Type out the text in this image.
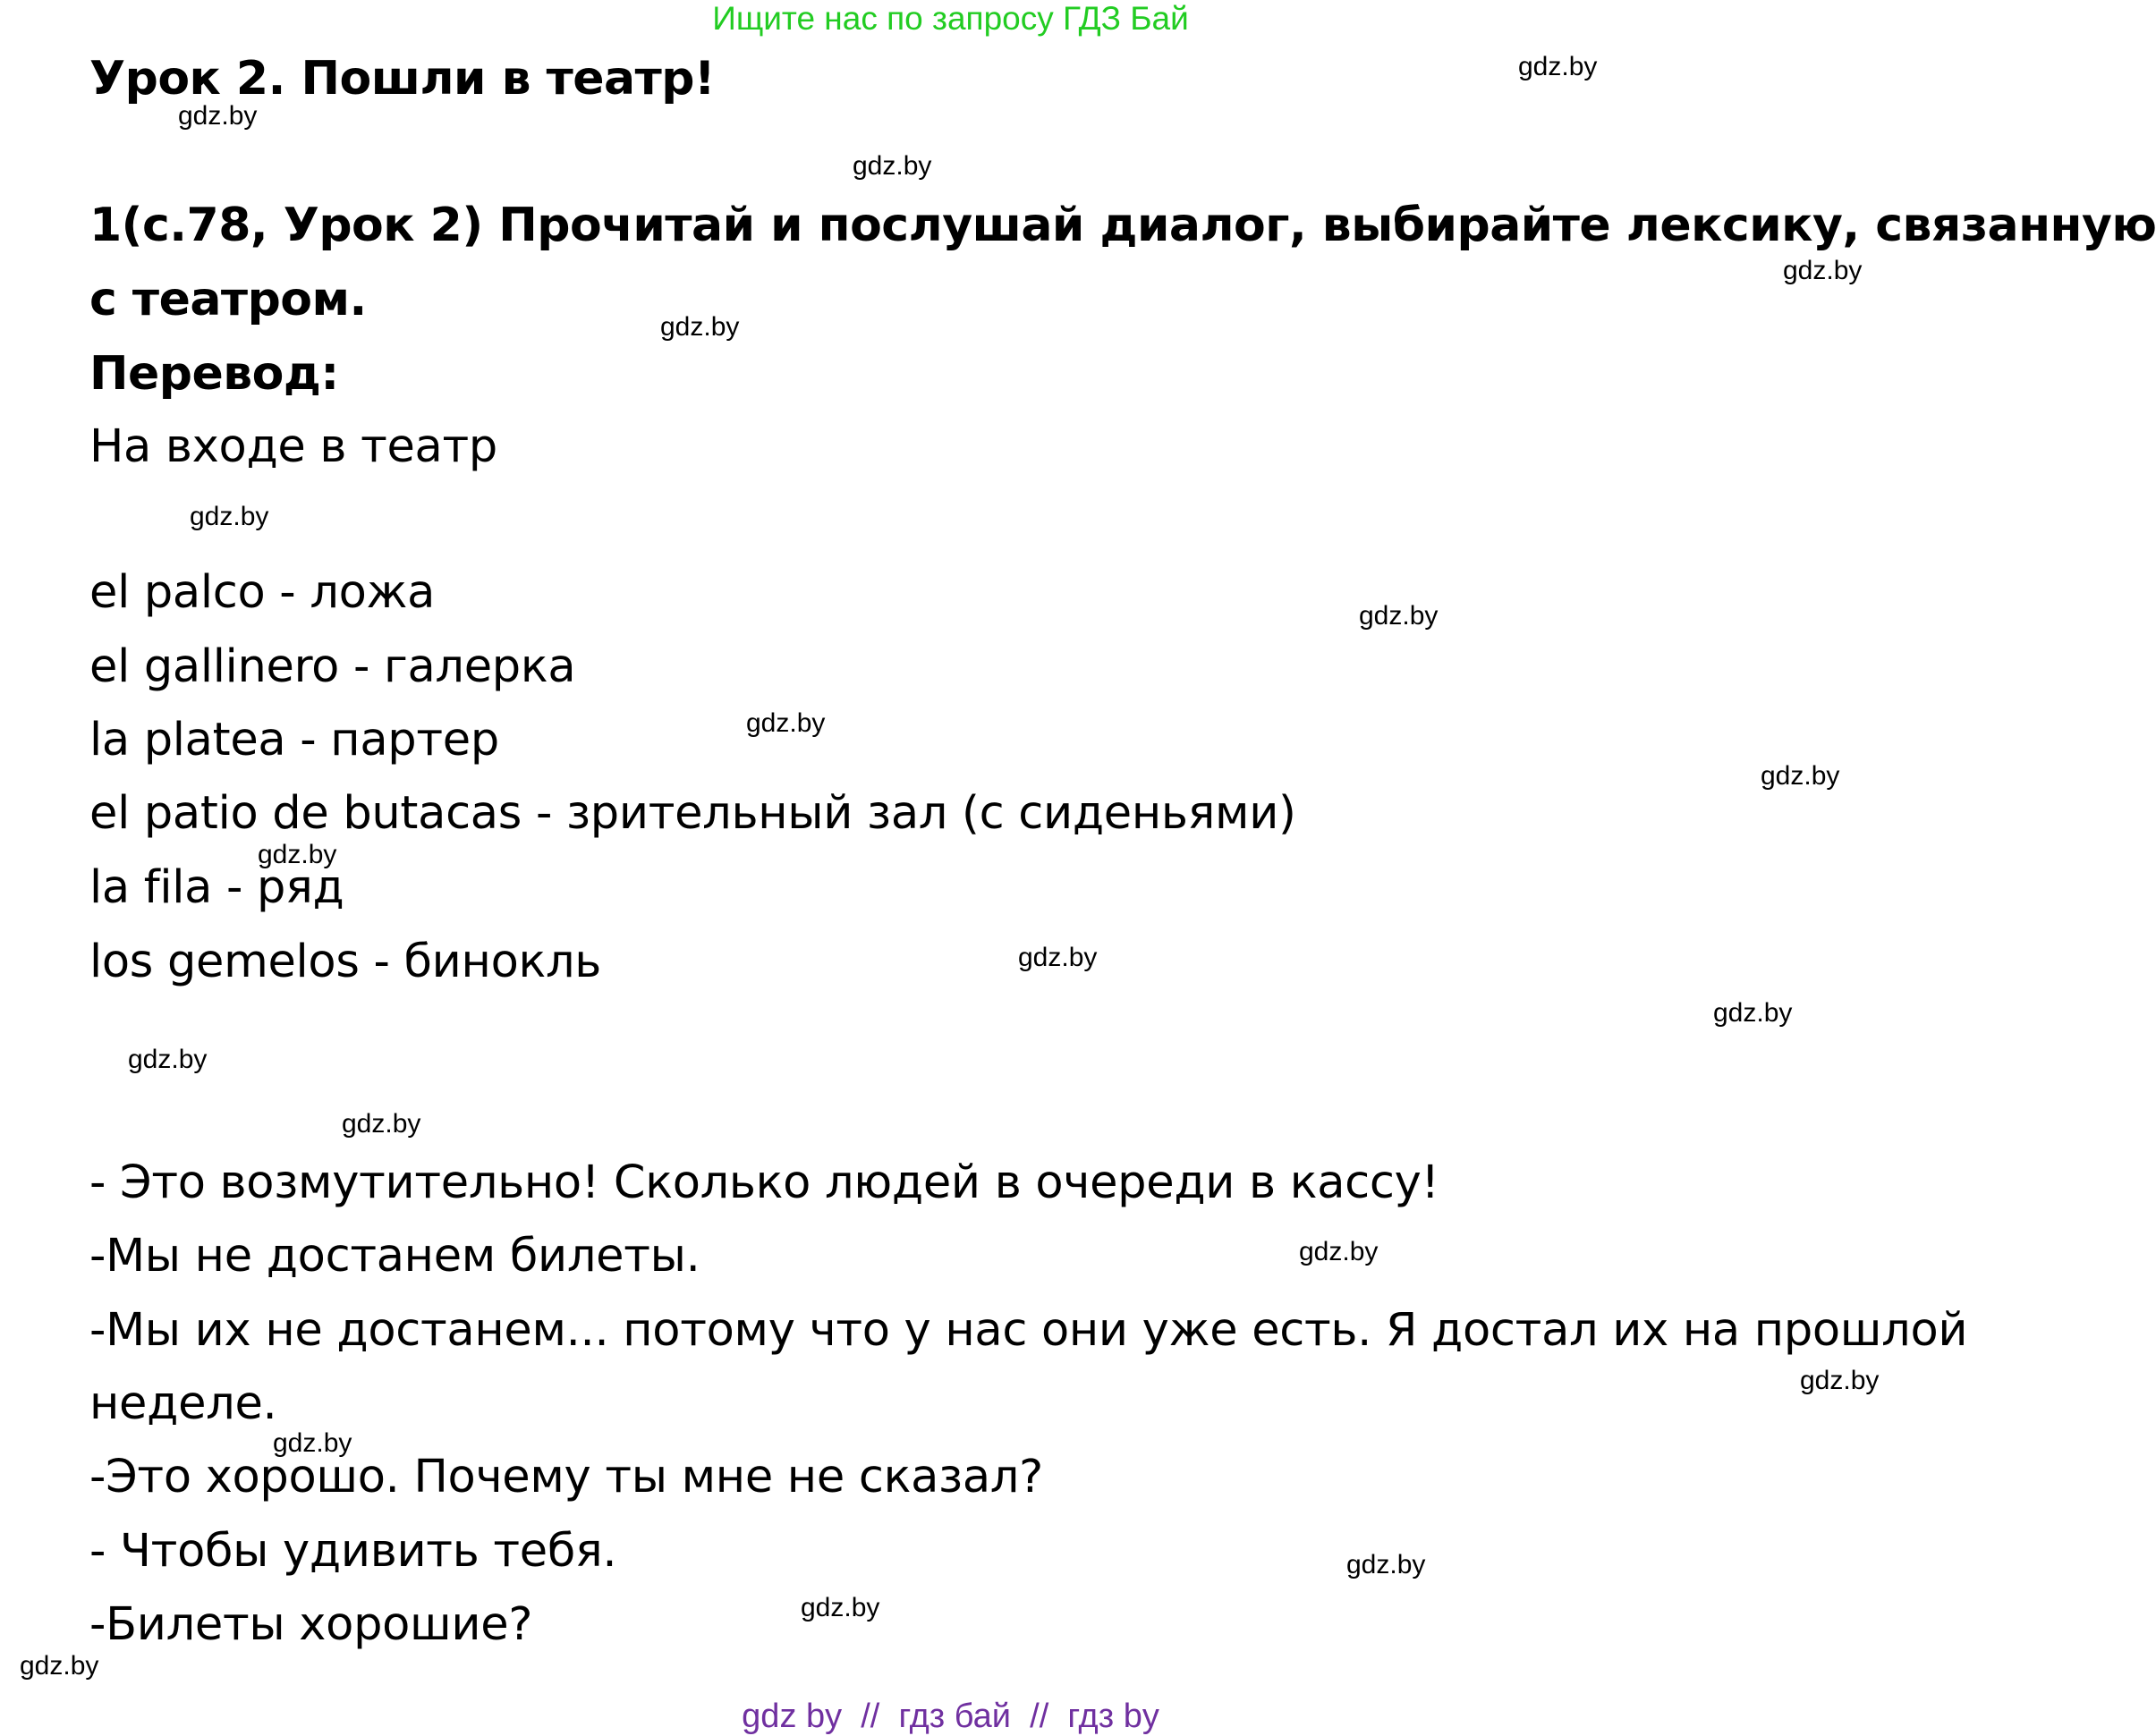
Ищите нас по запросу ГДЗ Бай
Урок 2. Пошли в театр!
1(с.78, Урок 2) Прочитай и послушай диалог, выбирайте лексику, связанную
с театром.
Перевод:
На входе в театр
el palco - ложа
el gallinero - галерка
la platea - партер
el patio de butacas - зрительный зал (с сиденьями)
la fila - ряд
los gemelos - бинокль
- Это возмутительно! Сколько людей в очереди в кассу!
-Мы не достанем билеты.
-Мы их не достанем... потому что у нас они уже есть. Я достал их на прошлой
неделе.
-Это хорошо. Почему ты мне не сказал?
- Чтобы удивить тебя.
-Билеты хорошие?
gdz.by
gdz.by
gdz.by
gdz.by
gdz.by
gdz.by
gdz.by
gdz.by
gdz.by
gdz.by
gdz.by
gdz.by
gdz.by
gdz.by
gdz.by
gdz.by
gdz.by
gdz.by
gdz.by
gdz.by
gdz by  //  гдз бай  //  гдз by
